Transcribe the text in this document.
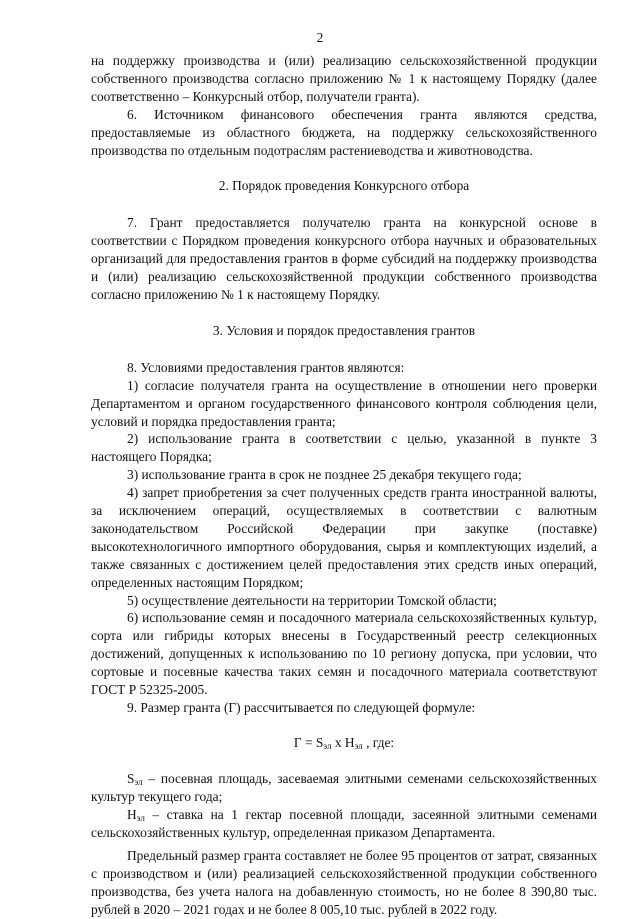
2

на поддержку производства и (или) реализацию сельскохозяйственной продукции собственного производства согласно приложению № 1 к настоящему Порядку (далее соответственно – Конкурсный отбор, получатели гранта).

6. Источником финансового обеспечения гранта являются средства, предоставляемые из областного бюджета, на поддержку сельскохозяйственного производства по отдельным подотраслям растениеводства и животноводства.

2. Порядок проведения Конкурсного отбора

7. Грант предоставляется получателю гранта на конкурсной основе в соответствии с Порядком проведения конкурсного отбора научных и образовательных организаций для предоставления грантов в форме субсидий на поддержку производства и (или) реализацию сельскохозяйственной продукции собственного производства согласно приложению № 1 к настоящему Порядку.

3. Условия и порядок предоставления грантов

8. Условиями предоставления грантов являются:

1) согласие получателя гранта на осуществление в отношении него проверки Департаментом и органом государственного финансового контроля соблюдения цели, условий и порядка предоставления гранта;

2) использование гранта в соответствии с целью, указанной в пункте 3 настоящего Порядка;

3) использование гранта в срок не позднее 25 декабря текущего года;

4) запрет приобретения за счет полученных средств гранта иностранной валюты, за исключением операций, осуществляемых в соответствии с валютным законодательством Российской Федерации при закупке (поставке) высокотехнологичного импортного оборудования, сырья и комплектующих изделий, а также связанных с достижением целей предоставления этих средств иных операций, определенных настоящим Порядком;

5) осуществление деятельности на территории Томской области;

6) использование семян и посадочного материала сельскохозяйственных культур, сорта или гибриды которых внесены в Государственный реестр селекционных достижений, допущенных к использованию по 10 региону допуска, при условии, что сортовые и посевные качества таких семян и посадочного материала соответствуют ГОСТ Р 52325-2005.

9. Размер гранта (Г) рассчитывается по следующей формуле:

$Г = S_{эл}$ х $Н_{эл}$ , где:

$S_{эл}$ – посевная площадь, засеваемая элитными семенами сельскохозяйственных культур текущего года;

$Н_{эл}$ – ставка на 1 гектар посевной площади, засеянной элитными семенами сельскохозяйственных культур, определенная приказом Департамента.

Предельный размер гранта составляет не более 95 процентов от затрат, связанных с производством и (или) реализацией сельскохозяйственной продукции собственного производства, без учета налога на добавленную стоимость, но не более 8 390,80 тыс. рублей в 2020 – 2021 годах и не более 8 005,10 тыс. рублей в 2022 году.
